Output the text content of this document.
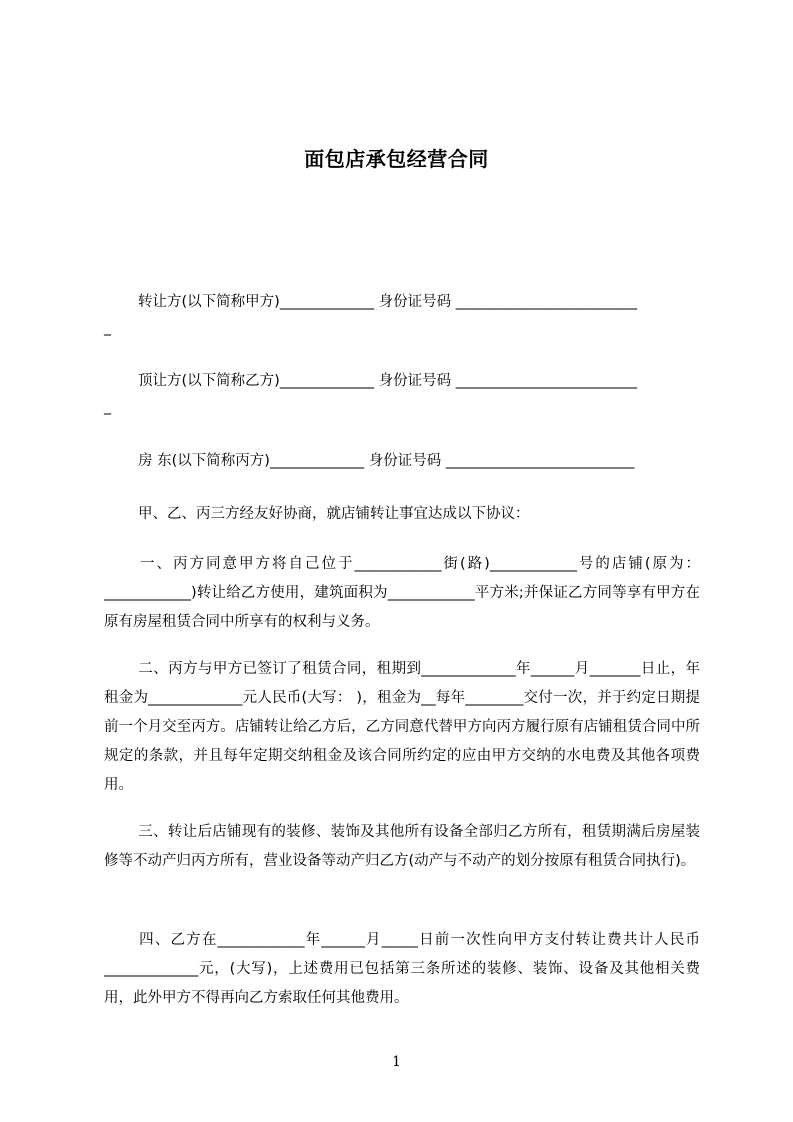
面包店承包经营合同
转让方(以下简称甲方)_____________ 身份证号码 _________________________
_
顶让方(以下简称乙方)_____________ 身份证号码 _________________________
_
房 东(以下简称丙方)_____________ 身份证号码 __________________________
甲、乙、丙三方经友好协商，就店铺转让事宜达成以下协议：
一、丙方同意甲方将自己位于____________街(路)____________号的店铺(原为：____________)转让给乙方使用，建筑面积为____________平方米;并保证乙方同等享有甲方在原有房屋租赁合同中所享有的权利与义务。
二、丙方与甲方已签订了租赁合同，租期到_____________年______月_______日止，年租金为_____________元人民币(大写： )，租金为__每年________交付一次，并于约定日期提前一个月交至丙方。店铺转让给乙方后，乙方同意代替甲方向丙方履行原有店铺租赁合同中所规定的条款，并且每年定期交纳租金及该合同所约定的应由甲方交纳的水电费及其他各项费用。
三、转让后店铺现有的装修、装饰及其他所有设备全部归乙方所有，租赁期满后房屋装修等不动产归丙方所有，营业设备等动产归乙方(动产与不动产的划分按原有租赁合同执行)。
四、乙方在____________年______月_____日前一次性向甲方支付转让费共计人民币_____________元，(大写)，上述费用已包括第三条所述的装修、装饰、设备及其他相关费用，此外甲方不得再向乙方索取任何其他费用。
1
